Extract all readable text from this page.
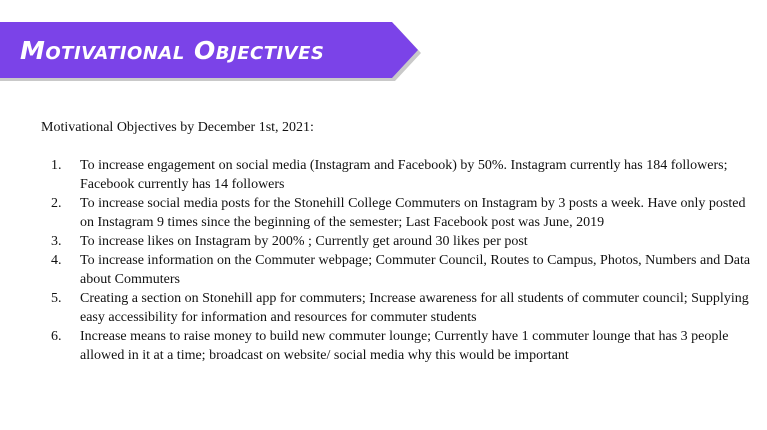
Motivational Objectives

Motivational Objectives by December 1st, 2021:

1. To increase engagement on social media (Instagram and Facebook) by 50%. Instagram currently has 184 followers; Facebook currently has 14 followers
2. To increase social media posts for the Stonehill College Commuters on Instagram by 3 posts a week. Have only posted on Instagram 9 times since the beginning of the semester; Last Facebook post was June, 2019
3. To increase likes on Instagram by 200% ; Currently get around 30 likes per post
4. To increase information on the Commuter webpage; Commuter Council, Routes to Campus, Photos, Numbers and Data about Commuters
5. Creating a section on Stonehill app for commuters; Increase awareness for all students of commuter council; Supplying easy accessibility for information and resources for commuter students
6. Increase means to raise money to build new commuter lounge; Currently have 1 commuter lounge that has 3 people allowed in it at a time; broadcast on website/ social media why this would be important
